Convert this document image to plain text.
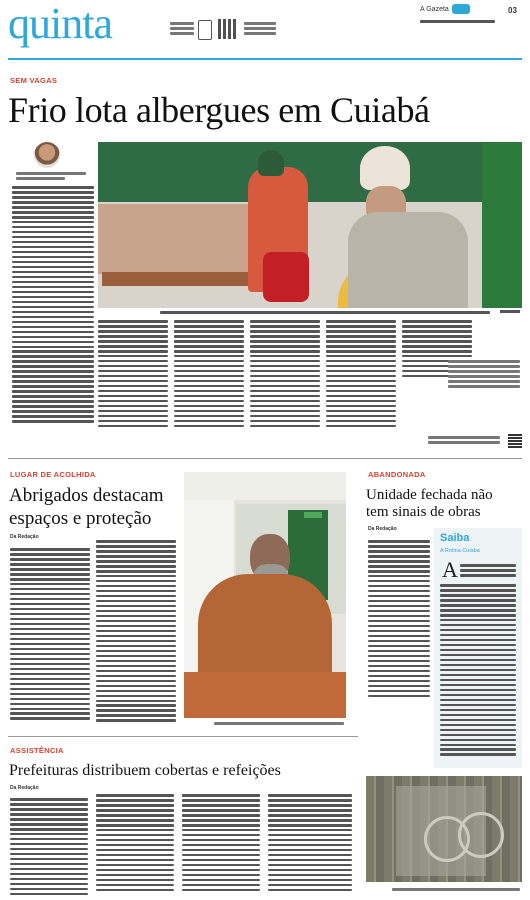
quinta	A Gazeta	03
SEM VAGAS
Frio lota albergues em Cuiabá
LUGAR DE ACOLHIDA
Abrigados destacam
espaços e proteção
Da Redação
ABANDONADA
Unidade fechada não
tem sinais de obras
Da Redação
Saiba
A Rotina Cuiaba
A
ASSISTÊNCIA
Prefeituras distribuem cobertas e refeições
Da Redação
